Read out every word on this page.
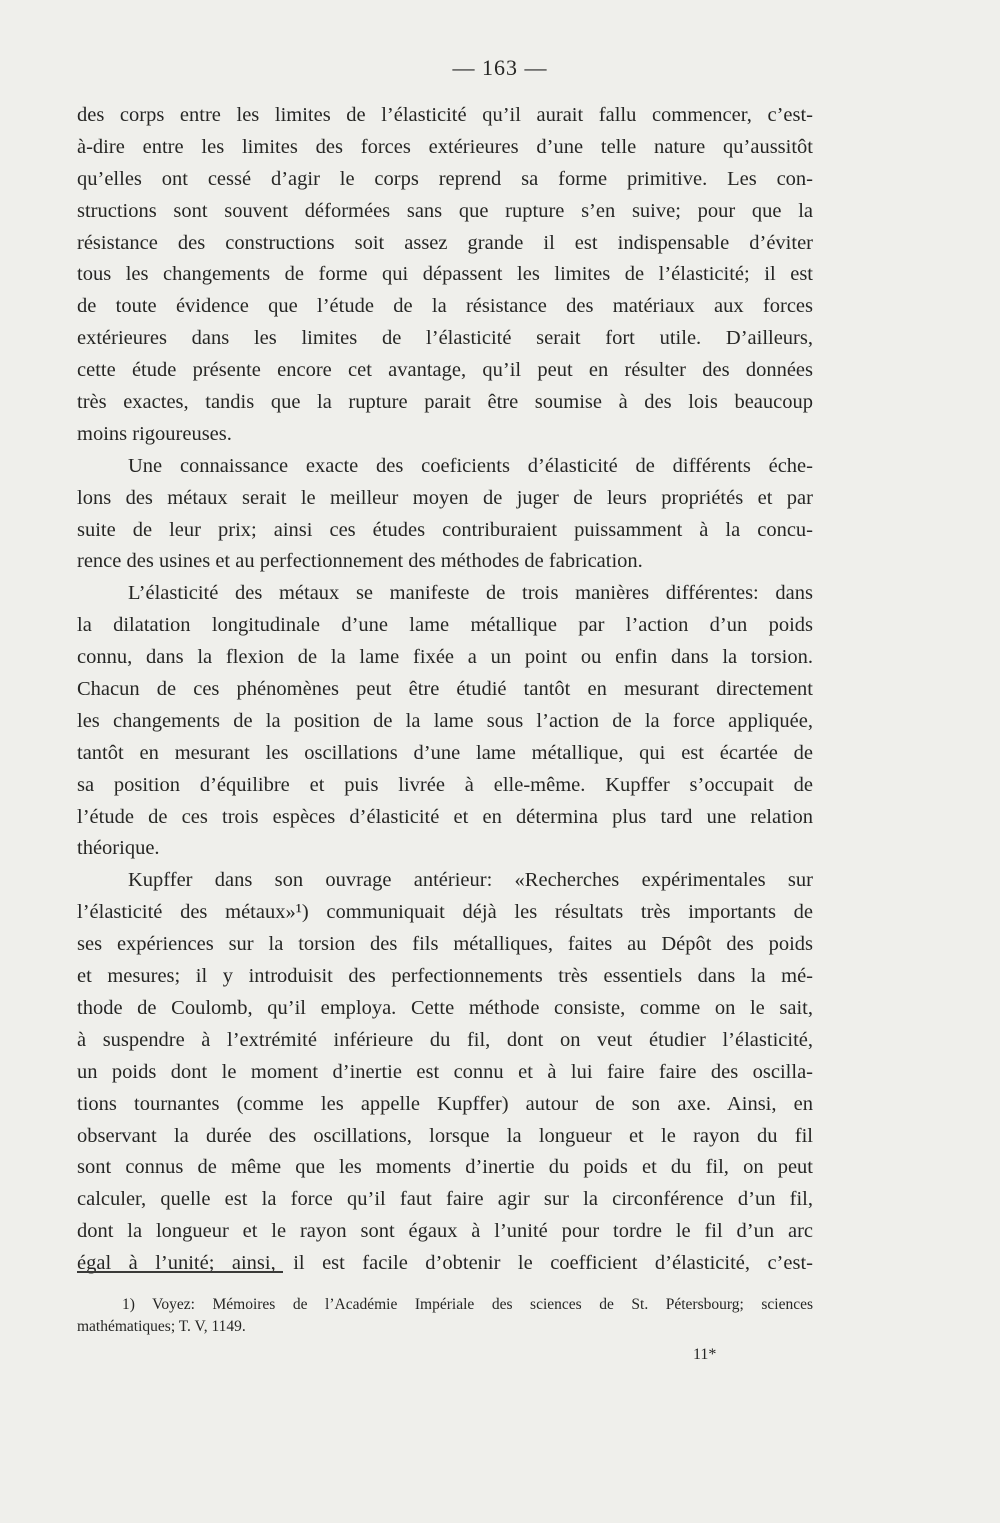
— 163 —
des corps entre les limites de l’élasticité qu’il aurait fallu commencer, c’est-
à-dire entre les limites des forces extérieures d’une telle nature qu’aussitôt
qu’elles ont cessé d’agir le corps reprend sa forme primitive. Les con-
structions sont souvent déformées sans que rupture s’en suive; pour que la
résistance des constructions soit assez grande il est indispensable d’éviter
tous les changements de forme qui dépassent les limites de l’élasticité; il est
de toute évidence que l’étude de la résistance des matériaux aux forces
extérieures dans les limites de l’élasticité serait fort utile. D’ailleurs,
cette étude présente encore cet avantage, qu’il peut en résulter des données
très exactes, tandis que la rupture parait être soumise à des lois beaucoup
moins rigoureuses.
Une connaissance exacte des coeficients d’élasticité de différents éche-
lons des métaux serait le meilleur moyen de juger de leurs propriétés et par
suite de leur prix; ainsi ces études contriburaient puissamment à la concu-
rence des usines et au perfectionnement des méthodes de fabrication.
L’élasticité des métaux se manifeste de trois manières différentes: dans
la dilatation longitudinale d’une lame métallique par l’action d’un poids
connu, dans la flexion de la lame fixée a un point ou enfin dans la torsion.
Chacun de ces phénomènes peut être étudié tantôt en mesurant directement
les changements de la position de la lame sous l’action de la force appliquée,
tantôt en mesurant les oscillations d’une lame métallique, qui est écartée de
sa position d’équilibre et puis livrée à elle-même. Kupffer s’occupait de
l’étude de ces trois espèces d’élasticité et en détermina plus tard une relation
théorique.
Kupffer dans son ouvrage antérieur: «Recherches expérimentales sur
l’élasticité des métaux»¹) communiquait déjà les résultats très importants de
ses expériences sur la torsion des fils métalliques, faites au Dépôt des poids
et mesures; il y introduisit des perfectionnements très essentiels dans la mé-
thode de Coulomb, qu’il employa. Cette méthode consiste, comme on le sait,
à suspendre à l’extrémité inférieure du fil, dont on veut étudier l’élasticité,
un poids dont le moment d’inertie est connu et à lui faire faire des oscilla-
tions tournantes (comme les appelle Kupffer) autour de son axe. Ainsi, en
observant la durée des oscillations, lorsque la longueur et le rayon du fil
sont connus de même que les moments d’inertie du poids et du fil, on peut
calculer, quelle est la force qu’il faut faire agir sur la circonférence d’un fil,
dont la longueur et le rayon sont égaux à l’unité pour tordre le fil d’un arc
égal à l’unité; ainsi, il est facile d’obtenir le coefficient d’élasticité, c’est-
1) Voyez: Mémoires de l’Académie Impériale des sciences de St. Pétersbourg; sciences
mathématiques; T. V, 1149.
11*
